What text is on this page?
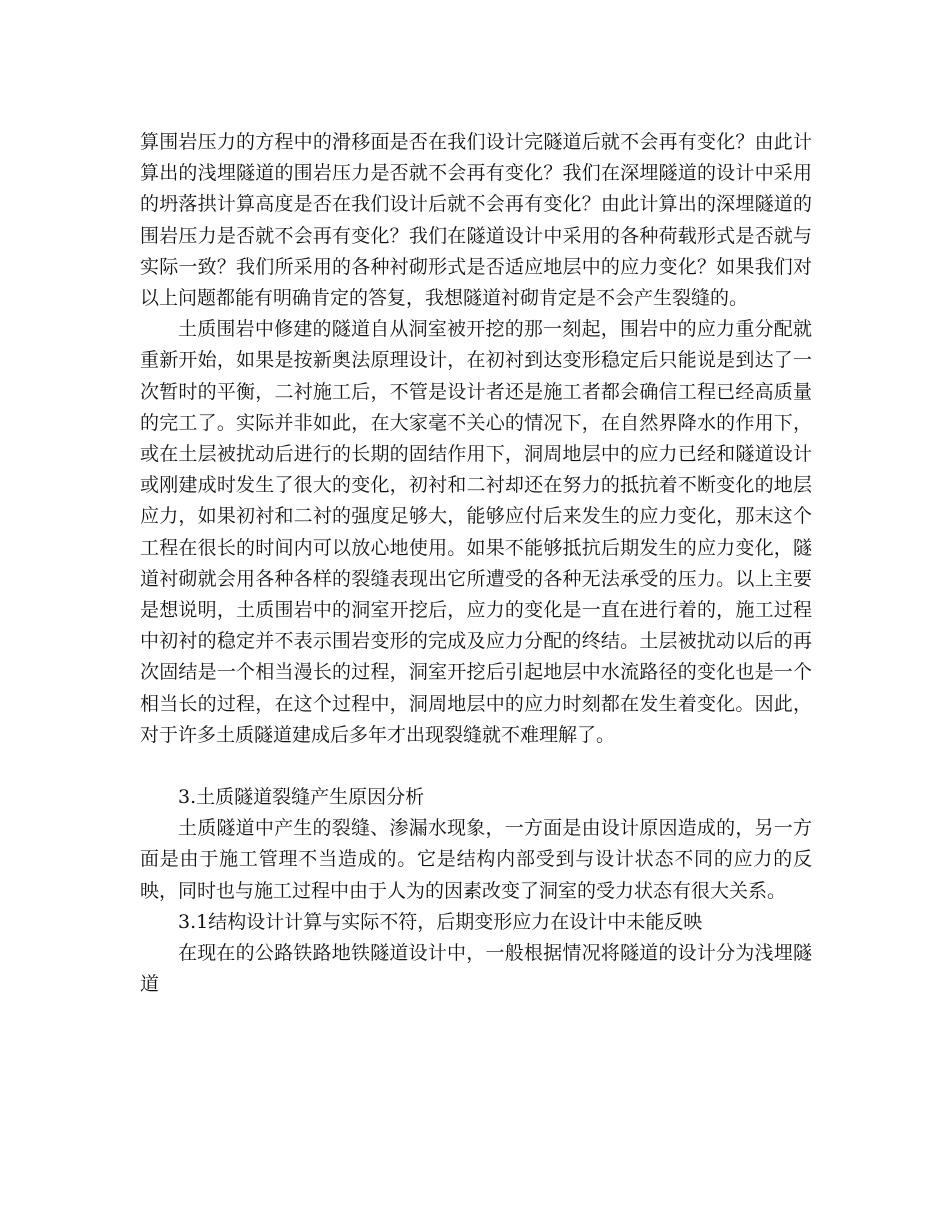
算围岩压力的方程中的滑移面是否在我们设计完隧道后就不会再有变化？由此计算出的浅埋隧道的围岩压力是否就不会再有变化？我们在深埋隧道的设计中采用的坍落拱计算高度是否在我们设计后就不会再有变化？由此计算出的深埋隧道的围岩压力是否就不会再有变化？我们在隧道设计中采用的各种荷载形式是否就与实际一致？我们所采用的各种衬砌形式是否适应地层中的应力变化？如果我们对以上问题都能有明确肯定的答复，我想隧道衬砌肯定是不会产生裂缝的。

土质围岩中修建的隧道自从洞室被开挖的那一刻起，围岩中的应力重分配就重新开始，如果是按新奥法原理设计，在初衬到达变形稳定后只能说是到达了一次暂时的平衡，二衬施工后，不管是设计者还是施工者都会确信工程已经高质量的完工了。实际并非如此，在大家毫不关心的情况下，在自然界降水的作用下，或在土层被扰动后进行的长期的固结作用下，洞周地层中的应力已经和隧道设计或刚建成时发生了很大的变化，初衬和二衬却还在努力的抵抗着不断变化的地层应力，如果初衬和二衬的强度足够大，能够应付后来发生的应力变化，那末这个工程在很长的时间内可以放心地使用。如果不能够抵抗后期发生的应力变化，隧道衬砌就会用各种各样的裂缝表现出它所遭受的各种无法承受的压力。以上主要是想说明，土质围岩中的洞室开挖后，应力的变化是一直在进行着的，施工过程中初衬的稳定并不表示围岩变形的完成及应力分配的终结。土层被扰动以后的再次固结是一个相当漫长的过程，洞室开挖后引起地层中水流路径的变化也是一个相当长的过程，在这个过程中，洞周地层中的应力时刻都在发生着变化。因此，对于许多土质隧道建成后多年才出现裂缝就不难理解了。

3.土质隧道裂缝产生原因分析

土质隧道中产生的裂缝、渗漏水现象，一方面是由设计原因造成的，另一方面是由于施工管理不当造成的。它是结构内部受到与设计状态不同的应力的反映，同时也与施工过程中由于人为的因素改变了洞室的受力状态有很大关系。

3.1结构设计计算与实际不符，后期变形应力在设计中未能反映

在现在的公路铁路地铁隧道设计中，一般根据情况将隧道的设计分为浅埋隧道
